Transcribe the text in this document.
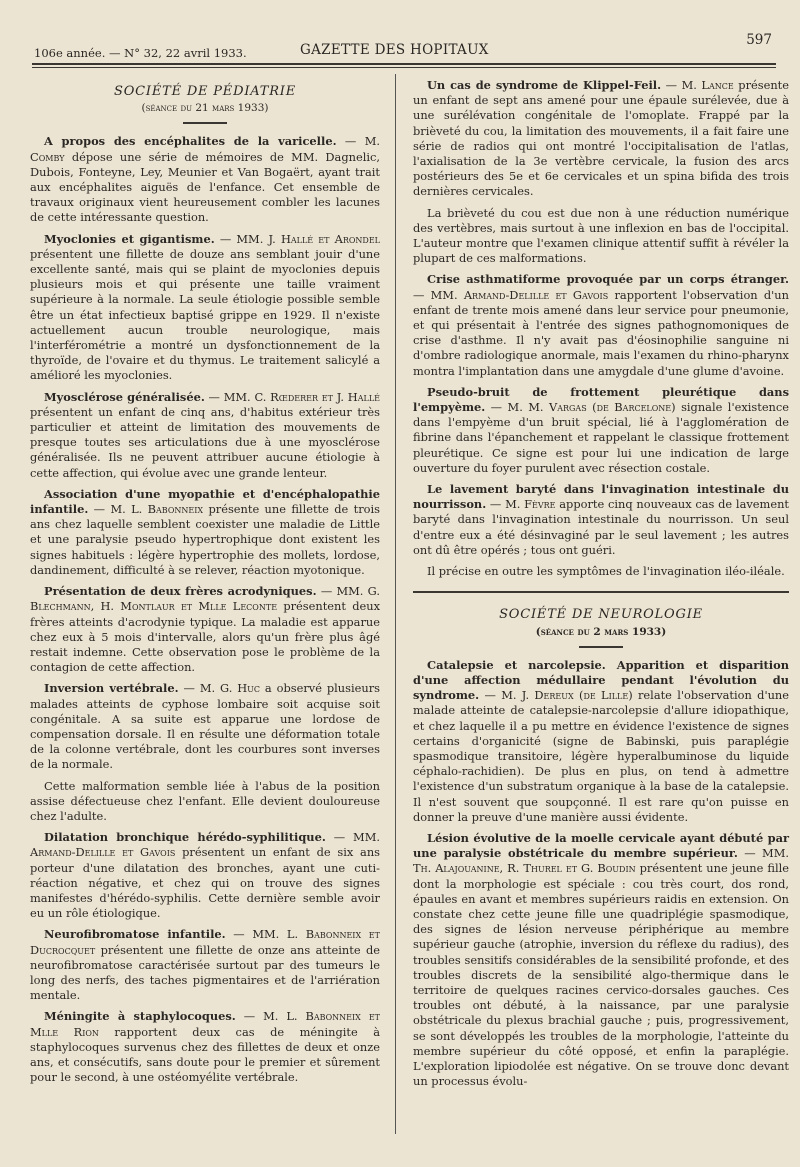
106e année. — N° 32, 22 avril 1933.	GAZETTE DES HOPITAUX
597
SOCIÉTÉ DE PÉDIATRIE
(séance du 21 mars 1933)

A propos des encéphalites de la varicelle. — M. Comby dépose une série de mémoires de MM. Dagnelic, Dubois, Fonteyne, Ley, Meunier et Van Bogaërt, ayant trait aux encéphalites aiguës de l'enfance. Cet ensemble de travaux originaux vient heureusement combler les lacunes de cette intéressante question.

Myoclonies et gigantisme. — MM. J. Hallé et Arondel présentent une fillette de douze ans semblant jouir d'une excellente santé, mais qui se plaint de myoclonies depuis plusieurs mois et qui présente une taille vraiment supérieure à la normale. La seule étiologie possible semble être un état infectieux baptisé grippe en 1929. Il n'existe actuellement aucun trouble neurologique, mais l'interférométrie a montré un dysfonctionnement de la thyroïde, de l'ovaire et du thymus. Le traitement salicylé a amélioré les myoclonies.

Myosclérose généralisée. — MM. C. Rœderer et J. Hallé présentent un enfant de cinq ans, d'habitus extérieur très particulier et atteint de limitation des mouvements de presque toutes ses articulations due à une myosclérose généralisée. Ils ne peuvent attribuer aucune étiologie à cette affection, qui évolue avec une grande lenteur.

Association d'une myopathie et d'encéphalopathie infantile. — M. L. Babonneix présente une fillette de trois ans chez laquelle semblent coexister une maladie de Little et une paralysie pseudo hypertrophique dont existent les signes habituels : légère hypertrophie des mollets, lordose, dandinement, difficulté à se relever, réaction myotonique.

Présentation de deux frères acrodyniques. — MM. G. Blechmann, H. Montlaur et Mlle Leconte présentent deux frères atteints d'acrodynie typique. La maladie est apparue chez eux à 5 mois d'intervalle, alors qu'un frère plus âgé restait indemne. Cette observation pose le problème de la contagion de cette affection.

Inversion vertébrale. — M. G. Huc a observé plusieurs malades atteints de cyphose lombaire soit acquise soit congénitale. A sa suite est apparue une lordose de compensation dorsale. Il en résulte une déformation totale de la colonne vertébrale, dont les courbures sont inverses de la normale.

Cette malformation semble liée à l'abus de la position assise défectueuse chez l'enfant. Elle devient douloureuse chez l'adulte.

Dilatation bronchique hérédo-syphilitique. — MM. Armand-Delille et Gavois présentent un enfant de six ans porteur d'une dilatation des bronches, ayant une cuti-réaction négative, et chez qui on trouve des signes manifestes d'hérédo-syphilis. Cette dernière semble avoir eu un rôle étiologique.

Neurofibromatose infantile. — MM. L. Babonneix et Ducrocquet présentent une fillette de onze ans atteinte de neurofibromatose caractérisée surtout par des tumeurs le long des nerfs, des taches pigmentaires et de l'arriération mentale.

Méningite à staphylocoques. — M. L. Babonneix et Mlle Rion rapportent deux cas de méningite à staphylocoques survenus chez des fillettes de deux et onze ans, et consécutifs, sans doute pour le premier et sûrement pour le second, à une ostéomyélite vertébrale.

Un cas de syndrome de Klippel-Feil. — M. Lance présente un enfant de sept ans amené pour une épaule surélevée, due à une surélévation congénitale de l'omoplate. Frappé par la brièveté du cou, la limitation des mouvements, il a fait faire une série de radios qui ont montré l'occipitalisation de l'atlas, l'axialisation de la 3e vertèbre cervicale, la fusion des arcs postérieurs des 5e et 6e cervicales et un spina bifida des trois dernières cervicales.

La brièveté du cou est due non à une réduction numérique des vertèbres, mais surtout à une inflexion en bas de l'occipital. L'auteur montre que l'examen clinique attentif suffit à révéler la plupart de ces malformations.

Crise asthmatiforme provoquée par un corps étranger. — MM. Armand-Delille et Gavois rapportent l'observation d'un enfant de trente mois amené dans leur service pour pneumonie, et qui présentait à l'entrée des signes pathognomoniques de crise d'asthme. Il n'y avait pas d'éosinophilie sanguine ni d'ombre radiologique anormale, mais l'examen du rhino-pharynx montra l'implantation dans une amygdale d'une glume d'avoine.

Pseudo-bruit de frottement pleurétique dans l'empyème. — M. M. Vargas (de Barcelone) signale l'existence dans l'empyème d'un bruit spécial, lié à l'agglomération de fibrine dans l'épanchement et rappelant le classique frottement pleurétique. Ce signe est pour lui une indication de large ouverture du foyer purulent avec résection costale.

Le lavement baryté dans l'invagination intestinale du nourrisson. — M. Fèvre apporte cinq nouveaux cas de lavement baryté dans l'invagination intestinale du nourrisson. Un seul d'entre eux a été désinvaginé par le seul lavement ; les autres ont dû être opérés ; tous ont guéri.

Il précise en outre les symptômes de l'invagination iléo-iléale.

SOCIÉTÉ DE NEUROLOGIE
(séance du 2 mars 1933)

Catalepsie et narcolepsie. Apparition et disparition d'une affection médullaire pendant l'évolution du syndrome. — M. J. Dereux (de Lille) relate l'observation d'une malade atteinte de catalepsie-narcolepsie d'allure idiopathique, et chez laquelle il a pu mettre en évidence l'existence de signes certains d'organicité (signe de Babinski, puis paraplégie spasmodique transitoire, légère hyperalbuminose du liquide céphalo-rachidien). De plus en plus, on tend à admettre l'existence d'un substratum organique à la base de la catalepsie. Il n'est souvent que soupçonné. Il est rare qu'on puisse en donner la preuve d'une manière aussi évidente.

Lésion évolutive de la moelle cervicale ayant débuté par une paralysie obstétricale du membre supérieur. — MM. Th. Alajouanine, R. Thurel et G. Boudin présentent une jeune fille dont la morphologie est spéciale : cou très court, dos rond, épaules en avant et membres supérieurs raidis en extension. On constate chez cette jeune fille une quadriplégie spasmodique, des signes de lésion nerveuse périphérique au membre supérieur gauche (atrophie, inversion du réflexe du radius), des troubles sensitifs considérables de la sensibilité profonde, et des troubles discrets de la sensibilité algo-thermique dans le territoire de quelques racines cervico-dorsales gauches. Ces troubles ont débuté, à la naissance, par une paralysie obstétricale du plexus brachial gauche ; puis, progressivement, se sont développés les troubles de la morphologie, l'atteinte du membre supérieur du côté opposé, et enfin la paraplégie. L'exploration lipiodolée est négative. On se trouve donc devant un processus évolu-
